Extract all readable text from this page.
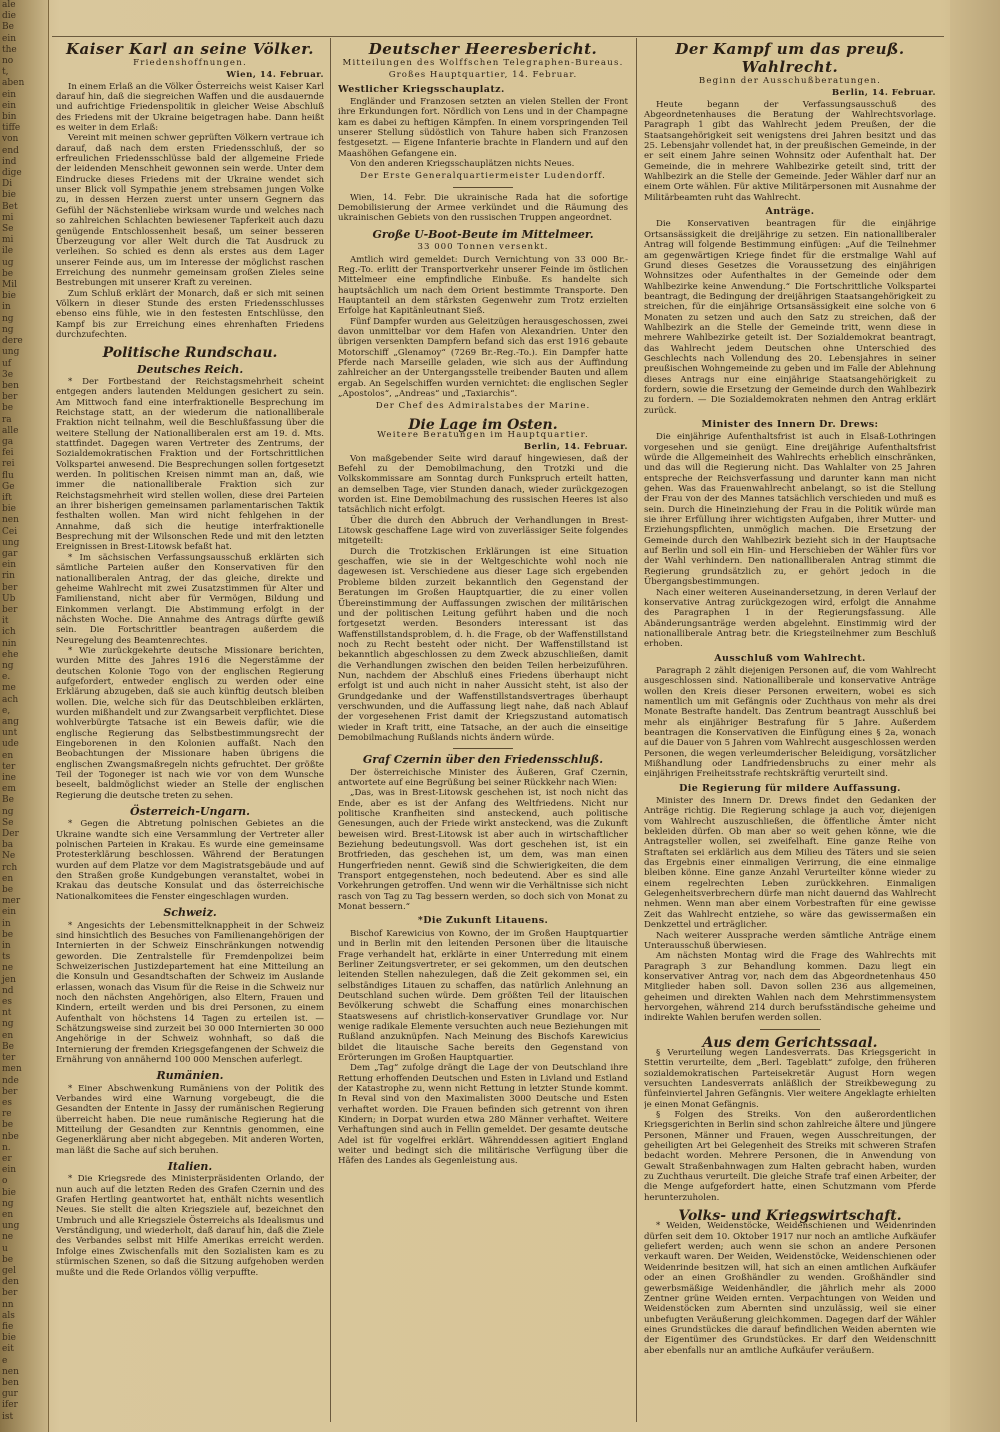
ale
die
Be
ein
the
no
t,
aben
ein
ein
bin
tiffe
von
end
ind
dige
Di
bie
Bet
mi
Se
mi
ile
ug
be
Mil
bie
in
ng
ng
dere
ung
uf
3e
ben
ber
be
ra
alle
ga
fei
rei
flu
Ge
ift
bie
nen
Cei
ung
gar
ein
rin
ber
Ub
ber
it
ich
nin
ehe
ng
e.
me
ach
e,
ang
unt
ude
en
ter
ine
em
Be
ng
Se
Der
ba
Ne
rch
en
be
mer
ein
in
be
in
ts
ne
jen
nd
es
nt
ng
en
Be
ter
men
nde
ber
es
re
be
nbe
n.
er
ein
o
bie
ng
en
ung
ne
u
be
gel
den
ber
nn
als
fie
bie
eit
e
nen
ben
gur
ifer
ist
Kaiser Karl an seine Völker.
Friedenshoffnungen.

Wien, 14. Februar.

In einem Erlaß an die Völker Österreichs weist Kaiser Karl darauf hin, daß die siegreichen Waffen und die ausdauernde und aufrichtige Friedenspolitik in gleicher Weise Abschluß des Friedens mit der Ukraine beigetragen habe. Dann heißt es weiter in dem Erlaß:

Vereint mit meinen schwer geprüften Völkern vertraue ich darauf, daß nach dem ersten Friedensschluß, der so erfreulichen Friedensschlüsse bald der allgemeine Friede der leidenden Menschheit gewonnen sein werde. Unter dem Eindrucke dieses Friedens mit der Ukraine wendet sich unser Blick voll Sympathie jenem strebsamen jungen Volke zu, in dessen Herzen zuerst unter unsern Gegnern das Gefühl der Nächstenliebe wirksam wurde und welches nach so zahlreichen Schlachten bewiesener Tapferkeit auch dazu genügende Entschlossenheit besaß, um seiner besseren Überzeugung vor aller Welt durch die Tat Ausdruck zu verleihen. So schied es denn als erstes aus dem Lager unserer Feinde aus, um im Interesse der möglichst raschen Erreichung des nunmehr gemeinsam großen Zieles seine Bestrebungen mit unserer Kraft zu vereinen.

Zum Schluß erklärt der Monarch, daß er sich mit seinen Völkern in dieser Stunde des ersten Friedensschlusses ebenso eins fühle, wie in den festesten Entschlüsse, den Kampf bis zur Erreichung eines ehrenhaften Friedens durchzufechten.

Politische Rundschau.
Deutsches Reich.

* Der Fortbestand der Reichstagsmehrheit scheint entgegen anders lautenden Meldungen gesichert zu sein. Am Mittwoch fand eine interfraktionelle Besprechung im Reichstage statt, an der wiederum die nationalliberale Fraktion nicht teilnahm, weil die Beschlußfassung über die weitere Stellung der Nationalliberalen erst am 19. d. Mts. stattfindet. Dagegen waren Vertreter des Zentrums, der Sozialdemokratischen Fraktion und der Fortschrittlichen Volkspartei anwesend. Die Besprechungen sollen fortgesetzt werden. In politischen Kreisen nimmt man an, daß, wie immer die nationalliberale Fraktion sich zur Reichstagsmehrheit wird stellen wollen, diese drei Parteien an ihrer bisherigen gemeinsamen parlamentarischen Taktik festhalten wollen. Man wird nicht fehlgehen in der Annahme, daß sich die heutige interfraktionelle Besprechung mit der Wilsonschen Rede und mit den letzten Ereignissen in Brest-Litowsk befaßt hat.

* Im sächsischen Verfassungsausschuß erklärten sich sämtliche Parteien außer den Konservativen für den nationalliberalen Antrag, der das gleiche, direkte und geheime Wahlrecht mit zwei Zusatzstimmen für Alter und Familienstand, nicht aber für Vermögen, Bildung und Einkommen verlangt. Die Abstimmung erfolgt in der nächsten Woche. Die Annahme des Antrags dürfte gewiß sein. Die Fortschrittler beantragen außerdem die Neuregelung des Beamtenrechtes.

* Wie zurückgekehrte deutsche Missionare berichten, wurden Mitte des Jahres 1916 die Negerstämme der deutschen Kolonie Togo von der englischen Regierung aufgefordert, entweder englisch zu werden oder eine Erklärung abzugeben, daß sie auch künftig deutsch bleiben wollen. Die, welche sich für das Deutschbleiben erklärten, wurden mißhandelt und zur Zwangsarbeit verpflichtet. Diese wohlverbürgte Tatsache ist ein Beweis dafür, wie die englische Regierung das Selbstbestimmungsrecht der Eingeborenen in den Kolonien auffaßt. Nach den Beobachtungen der Missionare haben übrigens die englischen Zwangsmaßregeln nichts gefruchtet. Der größte Teil der Togoneger ist nach wie vor von dem Wunsche beseelt, baldmöglichst wieder an Stelle der englischen Regierung die deutsche treten zu sehen.

Österreich-Ungarn.

* Gegen die Abtretung polnischen Gebietes an die Ukraine wandte sich eine Versammlung der Vertreter aller polnischen Parteien in Krakau. Es wurde eine gemeinsame Protesterklärung beschlossen. Während der Beratungen wurden auf dem Platze vor dem Magistratsgebäude und auf den Straßen große Kundgebungen veranstaltet, wobei in Krakau das deutsche Konsulat und das österreichische Nationalkomitees die Fenster eingeschlagen wurden.

Schweiz.

* Angesichts der Lebensmittelknappheit in der Schweiz sind hinsichtlich des Besuches von Familienangehörigen der Internierten in der Schweiz Einschränkungen notwendig geworden. Die Zentralstelle für Fremdenpolizei beim Schweizerischen Justizdepartement hat eine Mitteilung an die Konsuln und Gesandtschaften der Schweiz im Auslande erlassen, wonach das Visum für die Reise in die Schweiz nur noch den nächsten Angehörigen, also Eltern, Frauen und Kindern, erteilt werden und bis drei Personen, zu einem Aufenthalt von höchstens 14 Tagen zu erteilen ist. — Schätzungsweise sind zurzeit bei 30 000 Internierten 30 000 Angehörige in der Schweiz wohnhaft, so daß die Internierung der fremden Kriegsgefangenen der Schweiz die Ernährung von annähernd 100 000 Menschen auferlegt.

Rumänien.

* Einer Abschwenkung Rumäniens von der Politik des Verbandes wird eine Warnung vorgebeugt, die die Gesandten der Entente in Jassy der rumänischen Regierung überreicht haben. Die neue rumänische Regierung hat die Mitteilung der Gesandten zur Kenntnis genommen, eine Gegenerklärung aber nicht abgegeben. Mit anderen Worten, man läßt die Sache auf sich beruhen.

Italien.

* Die Kriegsrede des Ministerpräsidenten Orlando, der nun auch auf die letzten Reden des Grafen Czernin und des Grafen Hertling geantwortet hat, enthält nichts wesentlich Neues. Sie stellt die alten Kriegsziele auf, bezeichnet den Umbruch und alle Kriegsziele Österreichs als Idealismus und Verständigung, und wiederholt, daß darauf hin, daß die Ziele des Verbandes selbst mit Hilfe Amerikas erreicht werden. Infolge eines Zwischenfalls mit den Sozialisten kam es zu stürmischen Szenen, so daß die Sitzung aufgehoben werden mußte und die Rede Orlandos völlig verpuffte.

Deutscher Heeresbericht.
Mitteilungen des Wolffschen Telegraphen-Bureaus.

Großes Hauptquartier, 14. Februar.

Westlicher Kriegsschauplatz.

Engländer und Franzosen setzten an vielen Stellen der Front ihre Erkundungen fort. Nördlich von Lens und in der Champagne kam es dabei zu heftigen Kämpfen. In einem vorspringenden Teil unserer Stellung südöstlich von Tahure haben sich Franzosen festgesetzt. — Eigene Infanterie brachte in Flandern und auf den Maashöhen Gefangene ein.

Von den anderen Kriegsschauplätzen nichts Neues.

Der Erste Generalquartiermeister Ludendorff.

Wien, 14. Febr. Die ukrainische Rada hat die sofortige Demobilisierung der Armee verkündet und die Räumung des ukrainischen Gebiets von den russischen Truppen angeordnet.

Große U-Boot-Beute im Mittelmeer.

33 000 Tonnen versenkt.

Amtlich wird gemeldet: Durch Vernichtung von 33 000 Br.-Reg.-To. erlitt der Transportverkehr unserer Feinde im östlichen Mittelmeer eine empfindliche Einbuße. Es handelte sich hauptsächlich um nach dem Orient bestimmte Transporte. Den Hauptanteil an dem stärksten Gegenwehr zum Trotz erzielten Erfolge hat Kapitänleutnant Sieß.

Fünf Dampfer wurden aus Geleitzügen herausgeschossen, zwei davon unmittelbar vor dem Hafen von Alexandrien. Unter den übrigen versenkten Dampfern befand sich das erst 1916 gebaute Motorschiff „Glenamoy“ (7269 Br.-Reg.-To.). Ein Dampfer hatte Pferde nach Marseille geladen, wie sich aus der Auffindung zahlreicher an der Untergangsstelle treibender Bauten und allem ergab. An Segelschiffen wurden vernichtet: die englischen Segler „Apostolos“, „Andreas“ und „Taxiarchis“.

Der Chef des Admiralstabes der Marine.

Die Lage im Osten.
Weitere Beratungen im Hauptquartier.

Berlin, 14. Februar.

Von maßgebender Seite wird darauf hingewiesen, daß der Befehl zu der Demobilmachung, den Trotzki und die Volkskommissare am Sonntag durch Funkspruch erteilt hatten, an demselben Tage, vier Stunden danach, wieder zurückgezogen worden ist. Eine Demobilmachung des russischen Heeres ist also tatsächlich nicht erfolgt.

Über die durch den Abbruch der Verhandlungen in Brest-Litowsk geschaffene Lage wird von zuverlässiger Seite folgendes mitgeteilt:

Durch die Trotzkischen Erklärungen ist eine Situation geschaffen, wie sie in der Weltgeschichte wohl noch nie dagewesen ist. Verschiedene aus dieser Lage sich ergebenden Probleme bilden zurzeit bekanntlich den Gegenstand der Beratungen im Großen Hauptquartier, die zu einer vollen Übereinstimmung der Auffassungen zwischen der militärischen und der politischen Leitung geführt haben und die noch fortgesetzt werden. Besonders interessant ist das Waffenstillstandsproblem, d. h. die Frage, ob der Waffenstillstand noch zu Recht besteht oder nicht. Der Waffenstillstand ist bekanntlich abgeschlossen zu dem Zweck abzuschließen, damit die Verhandlungen zwischen den beiden Teilen herbeizuführen. Nun, nachdem der Abschluß eines Friedens überhaupt nicht erfolgt ist und auch nicht in naher Aussicht steht, ist also der Grundgedanke und der Waffenstillstandsvertrages überhaupt verschwunden, und die Auffassung liegt nahe, daß nach Ablauf der vorgesehenen Frist damit der Kriegszustand automatisch wieder in Kraft tritt, eine Tatsache, an der auch die einseitige Demobilmachung Rußlands nichts ändern würde.

Graf Czernin über den Friedensschluß.

Der österreichische Minister des Äußeren, Graf Czernin, antwortete auf eine Begrüßung bei seiner Rückkehr nach Wien:

„Das, was in Brest-Litowsk geschehen ist, ist noch nicht das Ende, aber es ist der Anfang des Weltfriedens. Nicht nur politische Kranfheiten sind ansteckend, auch politische Genesungen, auch der Friede wirkt ansteckend, was die Zukunft beweisen wird. Brest-Litowsk ist aber auch in wirtschaftlicher Beziehung bedeutungsvoll. Was dort geschehen ist, ist ein Brotfrieden, das geschehen ist, um dem, was man einen Hungerfrieden nennt. Gewiß sind die Schwierigkeiten, die dem Transport entgegenstehen, noch bedeutend. Aber es sind alle Vorkehrungen getroffen. Und wenn wir die Verhältnisse sich nicht rasch von Tag zu Tag bessern werden, so doch sich von Monat zu Monat bessern.“

*Die Zukunft Litauens.

Bischof Karewicius von Kowno, der im Großen Hauptquartier und in Berlin mit den leitenden Personen über die litauische Frage verhandelt hat, erklärte in einer Unterredung mit einem Berliner Zeitungsvertreter, er sei gekommen, um den deutschen leitenden Stellen nahezulegen, daß die Zeit gekommen sei, ein selbständiges Litauen zu schaffen, das natürlich Anlehnung an Deutschland suchen würde. Dem größten Teil der litauischen Bevölkerung schwebt die Schaffung eines monarchischen Staatswesens auf christlich-konservativer Grundlage vor. Nur wenige radikale Elemente versuchten auch neue Beziehungen mit Rußland anzuknüpfen. Nach Meinung des Bischofs Karewicius bildet die litauische Sache bereits den Gegenstand von Erörterungen im Großen Hauptquartier.

Dem „Tag“ zufolge drängt die Lage der von Deutschland ihre Rettung erhoffenden Deutschen und Esten in Livland und Estland der Katastrophe zu, wenn nicht Rettung in letzter Stunde kommt. In Reval sind von den Maximalisten 3000 Deutsche und Esten verhaftet worden. Die Frauen befinden sich getrennt von ihren Kindern; in Dorpat wurden etwa 280 Männer verhaftet. Weitere Verhaftungen sind auch in Fellin gemeldet. Der gesamte deutsche Adel ist für vogelfrei erklärt. Währenddessen agitiert England weiter und bedingt sich die militärische Verfügung über die Häfen des Landes als Gegenleistung aus.

Der Kampf um das preuß. Wahlrecht.
Beginn der Ausschußberatungen.

Berlin, 14. Februar.

Heute begann der Verfassungsausschuß des Abgeordnetenhauses die Beratung der Wahlrechtsvorlage. Paragraph 1 gibt das Wahlrecht jedem Preußen, der die Staatsangehörigkeit seit wenigstens drei Jahren besitzt und das 25. Lebensjahr vollendet hat, in der preußischen Gemeinde, in der er seit einem Jahre seinen Wohnsitz oder Aufenthalt hat. Der Gemeinde, die in mehrere Wahlbezirke geteilt sind, tritt der Wahlbezirk an die Stelle der Gemeinde. Jeder Wähler darf nur an einem Orte wählen. Für aktive Militärpersonen mit Ausnahme der Militärbeamten ruht das Wahlrecht.

Anträge.

Die Konservativen beantragen für die einjährige Ortsansässigkeit die dreijährige zu setzen. Ein nationalliberaler Antrag will folgende Bestimmung einfügen: „Auf die Teilnehmer am gegenwärtigen Kriege findet für die erstmalige Wahl auf Grund dieses Gesetzes die Voraussetzung des einjährigen Wohnsitzes oder Aufenthaltes in der Gemeinde oder dem Wahlbezirke keine Anwendung.“ Die Fortschrittliche Volkspartei beantragt, die Bedingung der dreijährigen Staatsangehörigkeit zu streichen, für die einjährige Ortsansässigkeit eine solche von 6 Monaten zu setzen und auch den Satz zu streichen, daß der Wahlbezirk an die Stelle der Gemeinde tritt, wenn diese in mehrere Wahlbezirke geteilt ist. Der Sozialdemokrat beantragt, das Wahlrecht jedem Deutschen ohne Unterschied des Geschlechts nach Vollendung des 20. Lebensjahres in seiner preußischen Wohngemeinde zu geben und im Falle der Ablehnung dieses Antrags nur eine einjährige Staatsangehörigkeit zu fordern, sowie die Ersetzung der Gemeinde durch den Wahlbezirk zu fordern. — Die Sozialdemokraten nehmen den Antrag erklärt zurück.

Minister des Innern Dr. Drews:

Die einjährige Aufenthaltsfrist ist auch in Elsaß-Lothringen vorgesehen und sie genügt. Eine dreijährige Aufenthaltsfrist würde die Allgemeinheit des Wahlrechts erheblich einschränken, und das will die Regierung nicht. Das Wahlalter von 25 Jahren entspreche der Reichsverfassung und darunter kann man nicht gehen. Was das Frauenwahlrecht anbelangt, so ist die Stellung der Frau von der des Mannes tatsächlich verschieden und muß es sein. Durch die Hineinziehung der Frau in die Politik würde man sie ihrer Erfüllung ihrer wichtigsten Aufgaben, ihrer Mutter- und Erziehungspflichten, unmöglich machen. Die Ersetzung der Gemeinde durch den Wahlbezirk bezieht sich in der Hauptsache auf Berlin und soll ein Hin- und Herschieben der Wähler fürs vor der Wahl verhindern. Den nationalliberalen Antrag stimmt die Regierung grundsätzlich zu, er gehört jedoch in die Übergangsbestimmungen.

Nach einer weiteren Auseinandersetzung, in deren Verlauf der konservative Antrag zurückgezogen wird, erfolgt die Annahme des Paragraphen 1 in der Regierungsfassung. Alle Abänderungsanträge werden abgelehnt. Einstimmig wird der nationalliberale Antrag betr. die Kriegsteilnehmer zum Beschluß erhoben.

Ausschluß vom Wahlrecht.

Paragraph 2 zählt diejenigen Personen auf, die vom Wahlrecht ausgeschlossen sind. Nationalliberale und konservative Anträge wollen den Kreis dieser Personen erweitern, wobei es sich namentlich um mit Gefängnis oder Zuchthaus von mehr als drei Monate Bestrafte handelt. Das Zentrum beantragt Ausschluß bei mehr als einjähriger Bestrafung für 5 Jahre. Außerdem beantragen die Konservativen die Einfügung eines § 2a, wonach auf die Dauer von 5 Jahren vom Wahlrecht ausgeschlossen werden Personen, die wegen verleumderischer Beleidigung, vorsätzlicher Mißhandlung oder Landfriedensbruchs zu einer mehr als einjährigen Freiheitsstrafe rechtskräftig verurteilt sind.

Die Regierung für mildere Auffassung.

Minister des Innern Dr. Drews findet den Gedanken der Anträge richtig. Die Regierung schlage ja auch vor, diejenigen vom Wahlrecht auszuschließen, die öffentliche Ämter nicht bekleiden dürfen. Ob man aber so weit gehen könne, wie die Antragsteller wollen, sei zweifelhaft. Eine ganze Reihe von Straftaten sei erklärlich aus dem Milieu des Täters und sie seien das Ergebnis einer einmaligen Verirrung, die eine einmalige bleiben könne. Eine ganze Anzahl Verurteilter könne wieder zu einem regelrechten Leben zurückkehren. Einmaligen Gelegenheitsverbrechern dürfe man nicht dauernd das Wahlrecht nehmen. Wenn man aber einem Vorbestraften für eine gewisse Zeit das Wahlrecht entziehe, so wäre das gewissermaßen ein Denkzettel und erträglicher.

Nach weiterer Aussprache werden sämtliche Anträge einem Unterausschuß überwiesen.

Am nächsten Montag wird die Frage des Wahlrechts mit Paragraph 3 zur Behandlung kommen. Dazu liegt ein konservativer Antrag vor, nach dem das Abgeordnetenhaus 450 Mitglieder haben soll. Davon sollen 236 aus allgemeinen, geheimen und direkten Wahlen nach dem Mehrstimmensystem hervorgehen, während 214 durch berufsständische geheime und indirekte Wahlen berufen werden sollen.

Aus dem Gerichtssaal.

§ Verurteilung wegen Landesverrats. Das Kriegsgericht in Stettin verurteilte, dem „Berl. Tageblatt“ zufolge, den früheren sozialdemokratischen Parteisekretär August Horn wegen versuchten Landesverrats anläßlich der Streikbewegung zu fünfeinviertel Jahren Gefängnis. Vier weitere Angeklagte erhielten je einen Monat Gefängnis.

§ Folgen des Streiks. Von den außerordentlichen Kriegsgerichten in Berlin sind schon zahlreiche ältere und jüngere Personen, Männer und Frauen, wegen Ausschreitungen, der geheiligten Art bei Gelegenheit des Streiks mit schweren Strafen bedacht worden. Mehrere Personen, die in Anwendung von Gewalt Straßenbahnwagen zum Halten gebracht haben, wurden zu Zuchthaus verurteilt. Die gleiche Strafe traf einen Arbeiter, der die Menge aufgefordert hatte, einen Schutzmann vom Pferde herunterzuholen.

Volks- und Kriegswirtschaft.

* Weiden, Weidenstöcke, Weidenschienen und Weidenrinden dürfen seit dem 10. Oktober 1917 nur noch an amtliche Aufkäufer geliefert werden; auch wenn sie schon an andere Personen verkauft waren. Der Weiden, Weidenstöcke, Weidenschienen oder Weidenrinde besitzen will, hat sich an einen amtlichen Aufkäufer oder an einen Großhändler zu wenden. Großhändler sind gewerbsmäßige Weidenhändler, die jährlich mehr als 2000 Zentner grüne Weiden ernten. Verpachtungen von Weiden und Weidenstöcken zum Abernten sind unzulässig, weil sie einer unbefugten Veräußerung gleichkommen. Dagegen darf der Wähler eines Grundstückes die darauf befindlichen Weiden abernten wie der Eigentümer des Grundstückes. Er darf den Weidenschnitt aber ebenfalls nur an amtliche Aufkäufer veräußern.
